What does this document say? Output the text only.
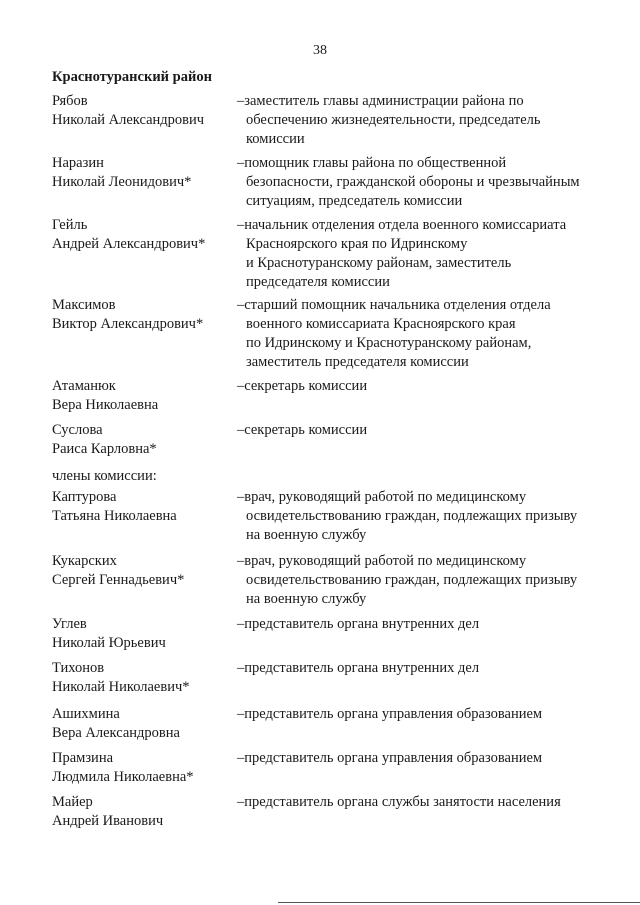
38
Краснотуранский район
члены комиссии:
Рябов
Николай Александрович
–заместитель главы администрации района по
обеспечению жизнедеятельности, председатель
комиссии
Наразин
Николай Леонидович*
–помощник главы района по общественной
безопасности, гражданской обороны и чрезвычайным
ситуациям, председатель комиссии
Гейль
Андрей Александрович*
–начальник отделения отдела военного комиссариата
Красноярского края по Идринскому
и Краснотуранскому районам, заместитель
председателя комиссии
Максимов
Виктор Александрович*
–старший помощник начальника отделения отдела
военного комиссариата Красноярского края
по Идринскому и Краснотуранскому районам,
заместитель председателя комиссии
Атаманюк
Вера Николаевна
–секретарь комиссии
Суслова
Раиса Карловна*
–секретарь комиссии
Каптурова
Татьяна Николаевна
–врач, руководящий работой по медицинскому
освидетельствованию граждан, подлежащих призыву
на военную службу
Кукарских
Сергей Геннадьевич*
–врач, руководящий работой по медицинскому
освидетельствованию граждан, подлежащих призыву
на военную службу
Углев
Николай Юрьевич
–представитель органа внутренних дел
Тихонов
Николай Николаевич*
–представитель органа внутренних дел
Ашихмина
Вера Александровна
–представитель органа управления образованием
Прамзина
Людмила Николаевна*
–представитель органа управления образованием
Майер
Андрей Иванович
–представитель органа службы занятости населения
